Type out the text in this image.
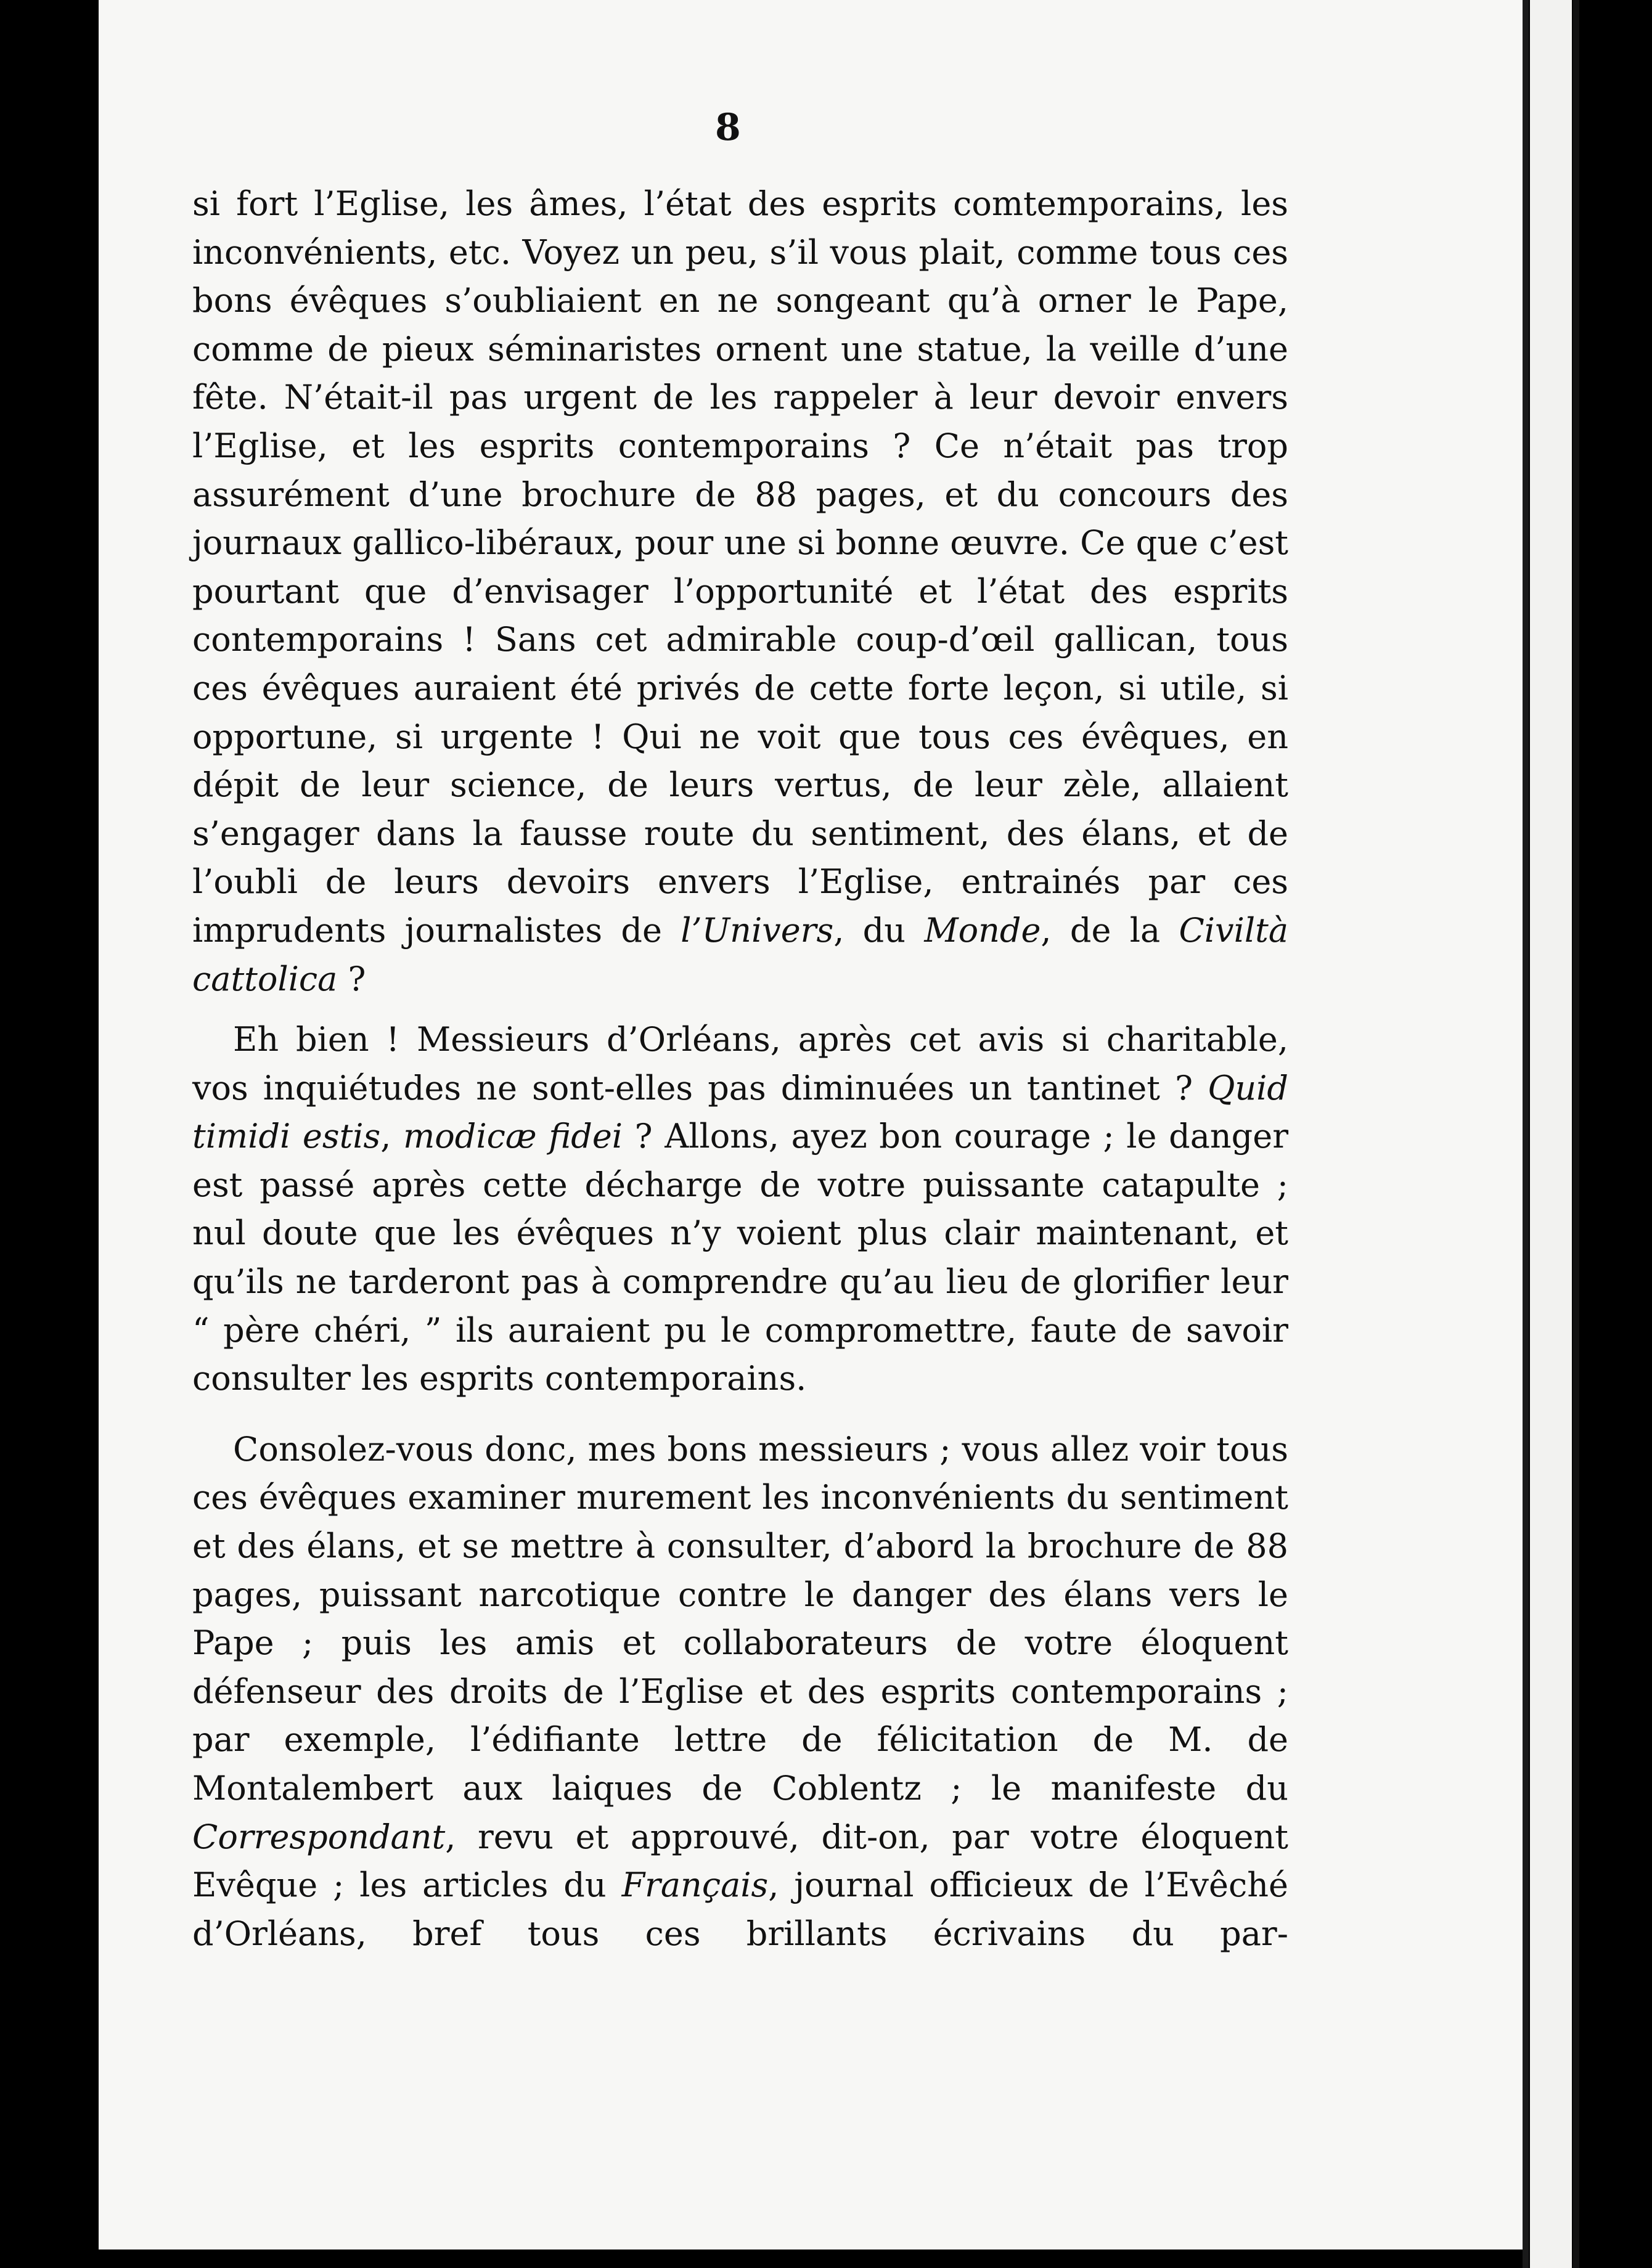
8

si fort l’Eglise, les âmes, l’état des esprits comtemporains, les inconvénients, etc. Voyez un peu, s’il vous plait, comme tous ces bons évêques s’oubliaient en ne songeant qu’à orner le Pape, comme de pieux séminaristes ornent une statue, la veille d’une fête. N’était-il pas urgent de les rappeler à leur devoir envers l’Eglise, et les esprits contemporains ? Ce n’était pas trop assurément d’une brochure de 88 pages, et du concours des journaux gallico-libéraux, pour une si bonne œuvre. Ce que c’est pourtant que d’envisager l’opportunité et l’état des esprits contemporains ! Sans cet admirable coup-d’œil gallican, tous ces évêques auraient été privés de cette forte leçon, si utile, si opportune, si urgente ! Qui ne voit que tous ces évêques, en dépit de leur science, de leurs vertus, de leur zèle, allaient s’engager dans la fausse route du sentiment, des élans, et de l’oubli de leurs devoirs envers l’Eglise, entrainés par ces imprudents journalistes de l’Univers, du Monde, de la Civiltà cattolica ?

Eh bien ! Messieurs d’Orléans, après cet avis si charitable, vos inquiétudes ne sont-elles pas diminuées un tantinet ? Quid timidi estis, modicæ fidei ? Allons, ayez bon courage ; le danger est passé après cette décharge de votre puissante catapulte ; nul doute que les évêques n’y voient plus clair maintenant, et qu’ils ne tarderont pas à comprendre qu’au lieu de glorifier leur “ père chéri, ” ils auraient pu le compromettre, faute de savoir consulter les esprits contemporains.

Consolez-vous donc, mes bons messieurs ; vous allez voir tous ces évêques examiner murement les inconvénients du sentiment et des élans, et se mettre à consulter, d’abord la brochure de 88 pages, puissant narcotique contre le danger des élans vers le Pape ; puis les amis et collaborateurs de votre éloquent défenseur des droits de l’Eglise et des esprits contemporains ; par exemple, l’édifiante lettre de félicitation de M. de Montalembert aux laiques de Coblentz ; le manifeste du Correspondant, revu et approuvé, dit-on, par votre éloquent Evêque ; les articles du Français, journal officieux de l’Evêché d’Orléans, bref tous ces brillants écrivains du par-
